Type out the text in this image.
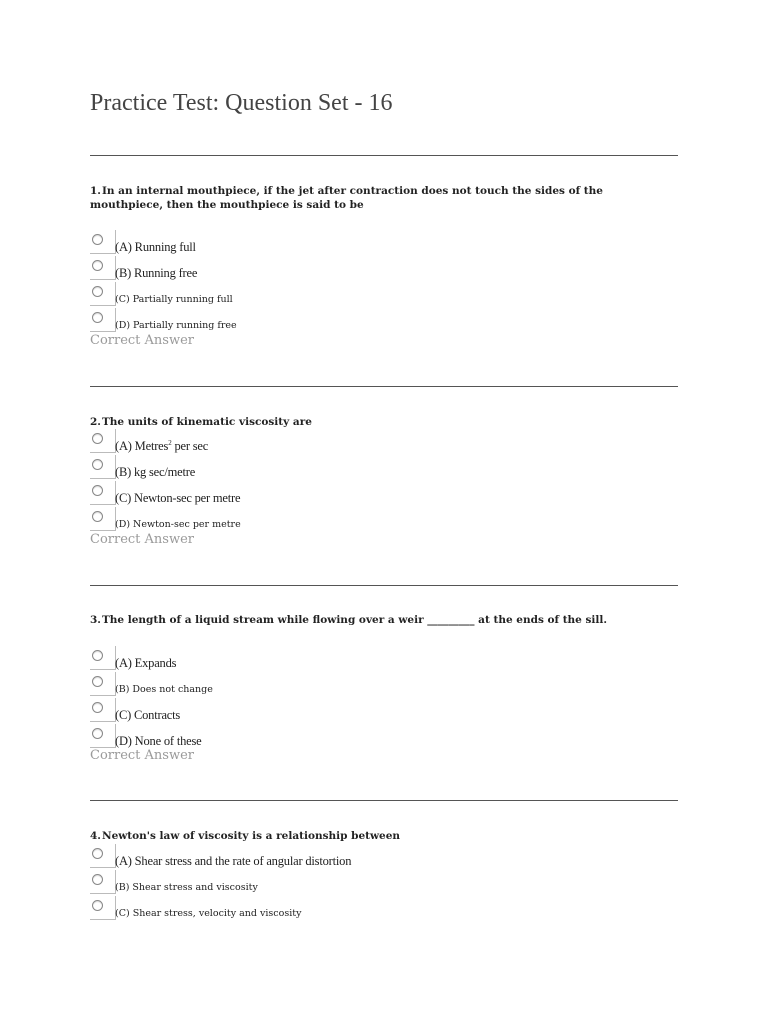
Practice Test: Question Set - 16
1.In an internal mouthpiece, if the jet after contraction does not touch the sides of the mouthpiece, then the mouthpiece is said to be
(A) Running full
(B) Running free
(C) Partially running full
(D) Partially running free
Correct Answer
2.The units of kinematic viscosity are
(A) Metres$^2$ per sec
(B) kg sec/metre
(C) Newton-sec per metre
(D) Newton-sec per metre
Correct Answer
3.The length of a liquid stream while flowing over a weir _________ at the ends of the sill.
(A) Expands
(B) Does not change
(C) Contracts
(D) None of these
Correct Answer
4.Newton's law of viscosity is a relationship between
(A) Shear stress and the rate of angular distortion
(B) Shear stress and viscosity
(C) Shear stress, velocity and viscosity
